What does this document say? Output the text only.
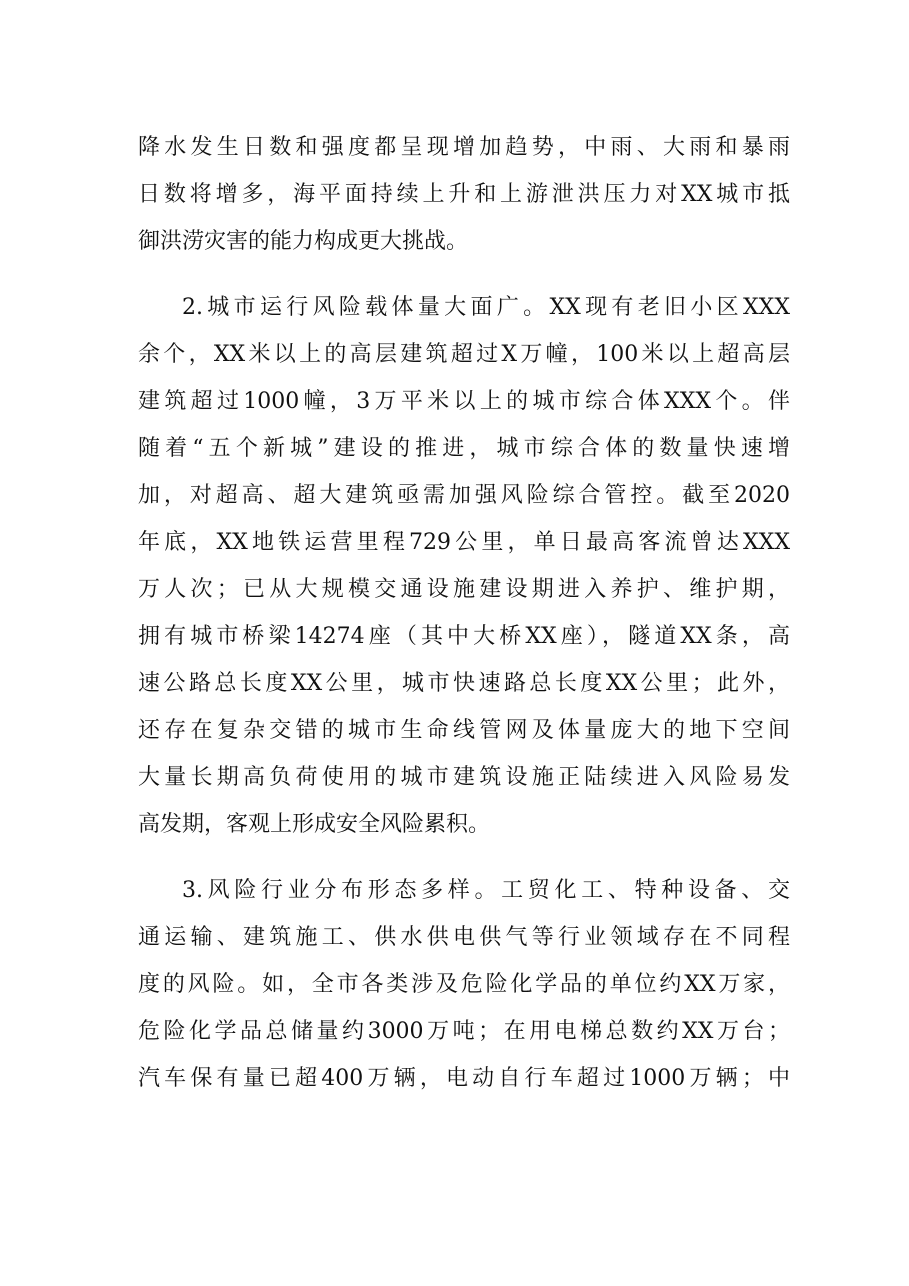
降水发生日数和强度都呈现增加趋势，中雨、大雨和暴雨
日数将增多，海平面持续上升和上游泄洪压力对XX城市抵
御洪涝灾害的能力构成更大挑战。
2.城市运行风险载体量大面广。XX现有老旧小区XXX
余个，XX米以上的高层建筑超过X万幢，100米以上超高层
建筑超过1000幢，3万平米以上的城市综合体XXX个。伴
随着“五个新城”建设的推进，城市综合体的数量快速增
加，对超高、超大建筑亟需加强风险综合管控。截至2020
年底，XX地铁运营里程729公里，单日最高客流曾达XXX
万人次；已从大规模交通设施建设期进入养护、维护期，
拥有城市桥梁14274座（其中大桥XX座），隧道XX条，高
速公路总长度XX公里，城市快速路总长度XX公里；此外，
还存在复杂交错的城市生命线管网及体量庞大的地下空间
大量长期高负荷使用的城市建筑设施正陆续进入风险易发
高发期，客观上形成安全风险累积。
3.风险行业分布形态多样。工贸化工、特种设备、交
通运输、建筑施工、供水供电供气等行业领域存在不同程
度的风险。如，全市各类涉及危险化学品的单位约XX万家，
危险化学品总储量约3000万吨；在用电梯总数约XX万台；
汽车保有量已超400万辆，电动自行车超过1000万辆；中
